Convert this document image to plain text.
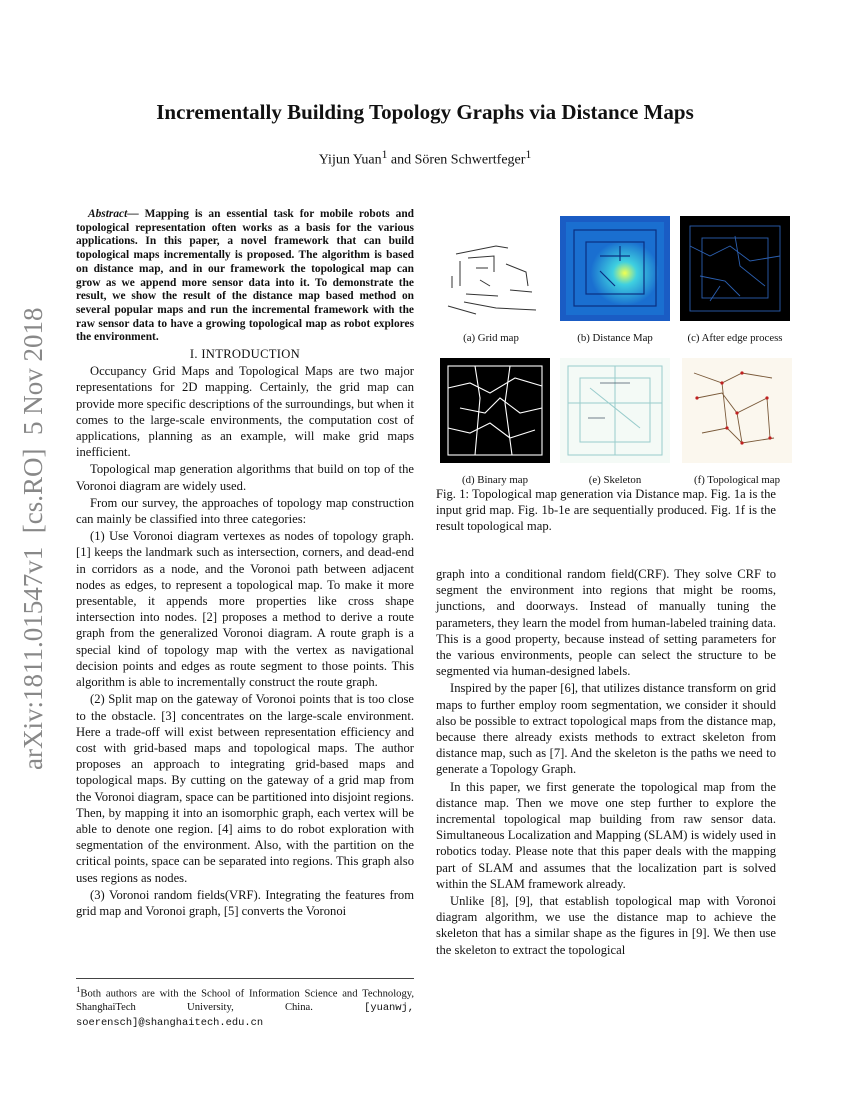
arXiv:1811.01547v1  [cs.RO]  5 Nov 2018
Incrementally Building Topology Graphs via Distance Maps
Yijun Yuan$^1$ and Sören Schwertfeger$^1$

Abstract— Mapping is an essential task for mobile robots and topological representation often works as a basis for the various applications. In this paper, a novel framework that can build topological maps incrementally is proposed. The algorithm is based on distance map, and in our framework the topological map can grow as we append more sensor data into it. To demonstrate the result, we show the result of the distance map based method on several popular maps and run the incremental framework with the raw sensor data to have a growing topological map as robot explores the environment.

I. INTRODUCTION

Occupancy Grid Maps and Topological Maps are two major representations for 2D mapping. Certainly, the grid map can provide more specific descriptions of the surroundings, but when it comes to the large-scale environments, the computation cost of applications, planning as an example, will make grid maps inefficient.

Topological map generation algorithms that build on top of the Voronoi diagram are widely used.

From our survey, the approaches of topology map construction can mainly be classified into three categories:

(1) Use Voronoi diagram vertexes as nodes of topology graph. [1] keeps the landmark such as intersection, corners, and dead-end in corridors as a node, and the Voronoi path between adjacent nodes as edges, to represent a topological map. To make it more presentable, it appends more properties like cross shape intersection into nodes. [2] proposes a method to derive a route graph from the generalized Voronoi diagram. A route graph is a special kind of topology map with the vertex as navigational decision points and edges as route segment to those points. This algorithm is able to incrementally construct the route graph.

(2) Split map on the gateway of Voronoi points that is too close to the obstacle. [3] concentrates on the large-scale environment. Here a trade-off will exist between representation efficiency and cost with grid-based maps and topological maps. The author proposes an approach to integrating grid-based maps and topological maps. By cutting on the gateway of a grid map from the Voronoi diagram, space can be partitioned into disjoint regions. Then, by mapping it into an isomorphic graph, each vertex will be able to denote one region. [4] aims to do robot exploration with segmentation of the environment. Also, with the partition on the critical points, space can be separated into regions. This graph also uses regions as nodes.

(3) Voronoi random fields(VRF). Integrating the features from grid map and Voronoi graph, [5] converts the Voronoi

$^1$Both authors are with the School of Information Science and Technology, ShanghaiTech University, China. [yuanwj, soerensch]@shanghaitech.edu.cn
(a) Grid map	(b) Distance Map	(c) After edge process
(d) Binary map	(e) Skeleton	(f) Topological map
Fig. 1: Topological map generation via Distance map. Fig. 1a is the input grid map. Fig. 1b-1e are sequentially produced. Fig. 1f is the result topological map.

graph into a conditional random field(CRF). They solve CRF to segment the environment into regions that might be rooms, junctions, and doorways. Instead of manually tuning the parameters, they learn the model from human-labeled training data. This is a good property, because instead of setting parameters for the various environments, people can select the structure to be segmented via human-designed labels.

Inspired by the paper [6], that utilizes distance transform on grid maps to further employ room segmentation, we consider it should also be possible to extract topological maps from the distance map, because there already exists methods to extract skeleton from distance map, such as [7]. And the skeleton is the paths we need to generate a Topology Graph.

In this paper, we first generate the topological map from the distance map. Then we move one step further to explore the incremental topological map building from raw sensor data. Simultaneous Localization and Mapping (SLAM) is widely used in robotics today. Please note that this paper deals with the mapping part of SLAM and assumes that the localization part is solved within the SLAM framework already.

Unlike [8], [9], that establish topological map with Voronoi diagram algorithm, we use the distance map to achieve the skeleton that has a similar shape as the figures in [9]. We then use the skeleton to extract the topological
